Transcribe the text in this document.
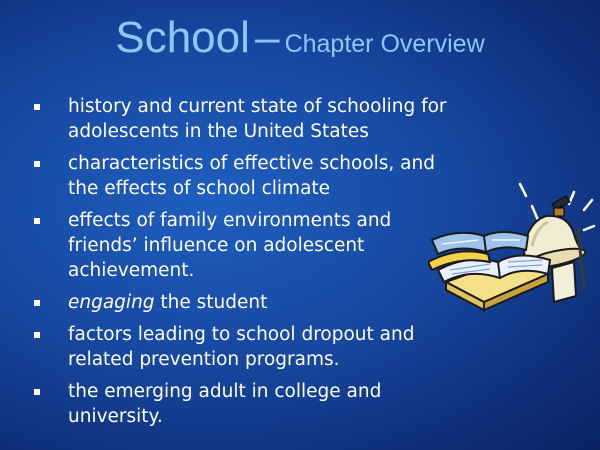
School – Chapter Overview
history and current state of schooling for adolescents in the United States
characteristics of effective schools, and the effects of school climate
effects of family environments and friends’ influence on adolescent achievement.
engaging the student
factors leading to school dropout and related prevention programs.
the emerging adult in college and university.
